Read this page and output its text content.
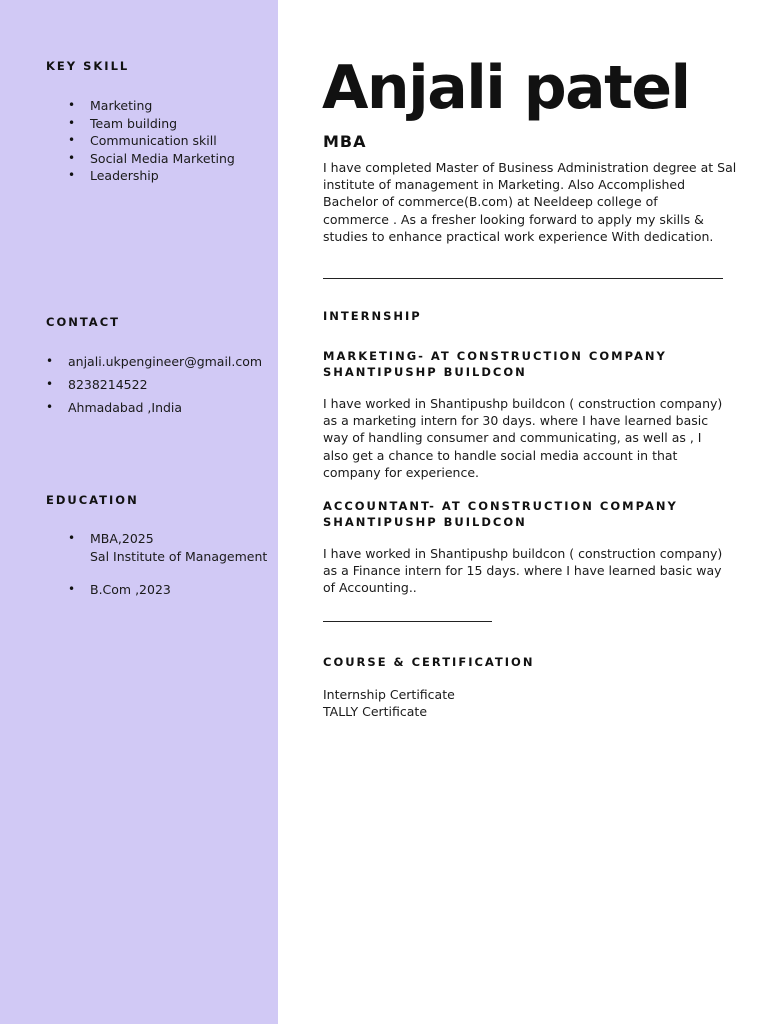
KEY SKILL
• Marketing
• Team building
• Communication skill
• Social Media Marketing
• Leadership
CONTACT
• anjali.ukpengineer@gmail.com
• 8238214522
• Ahmadabad ,India
EDUCATION
• MBA,2025
Sal Institute of Management
• B.Com ,2023
Anjali patel
MBA
I have completed Master of Business Administration degree at Sal
institute of management in Marketing. Also Accomplished
Bachelor of commerce(B.com) at Neeldeep college of
commerce . As a fresher looking forward to apply my skills &
studies to enhance practical work experience With dedication.
INTERNSHIP
MARKETING- AT CONSTRUCTION COMPANY
SHANTIPUSHP BUILDCON
I have worked in Shantipushp buildcon ( construction company)
as a marketing intern for 30 days. where I have learned basic
way of handling consumer and communicating, as well as , I
also get a chance to handle social media account in that
company for experience.
ACCOUNTANT- AT CONSTRUCTION COMPANY
SHANTIPUSHP BUILDCON
I have worked in Shantipushp buildcon ( construction company)
as a Finance intern for 15 days. where I have learned basic way
of Accounting..
COURSE & CERTIFICATION
Internship Certificate
TALLY Certificate
